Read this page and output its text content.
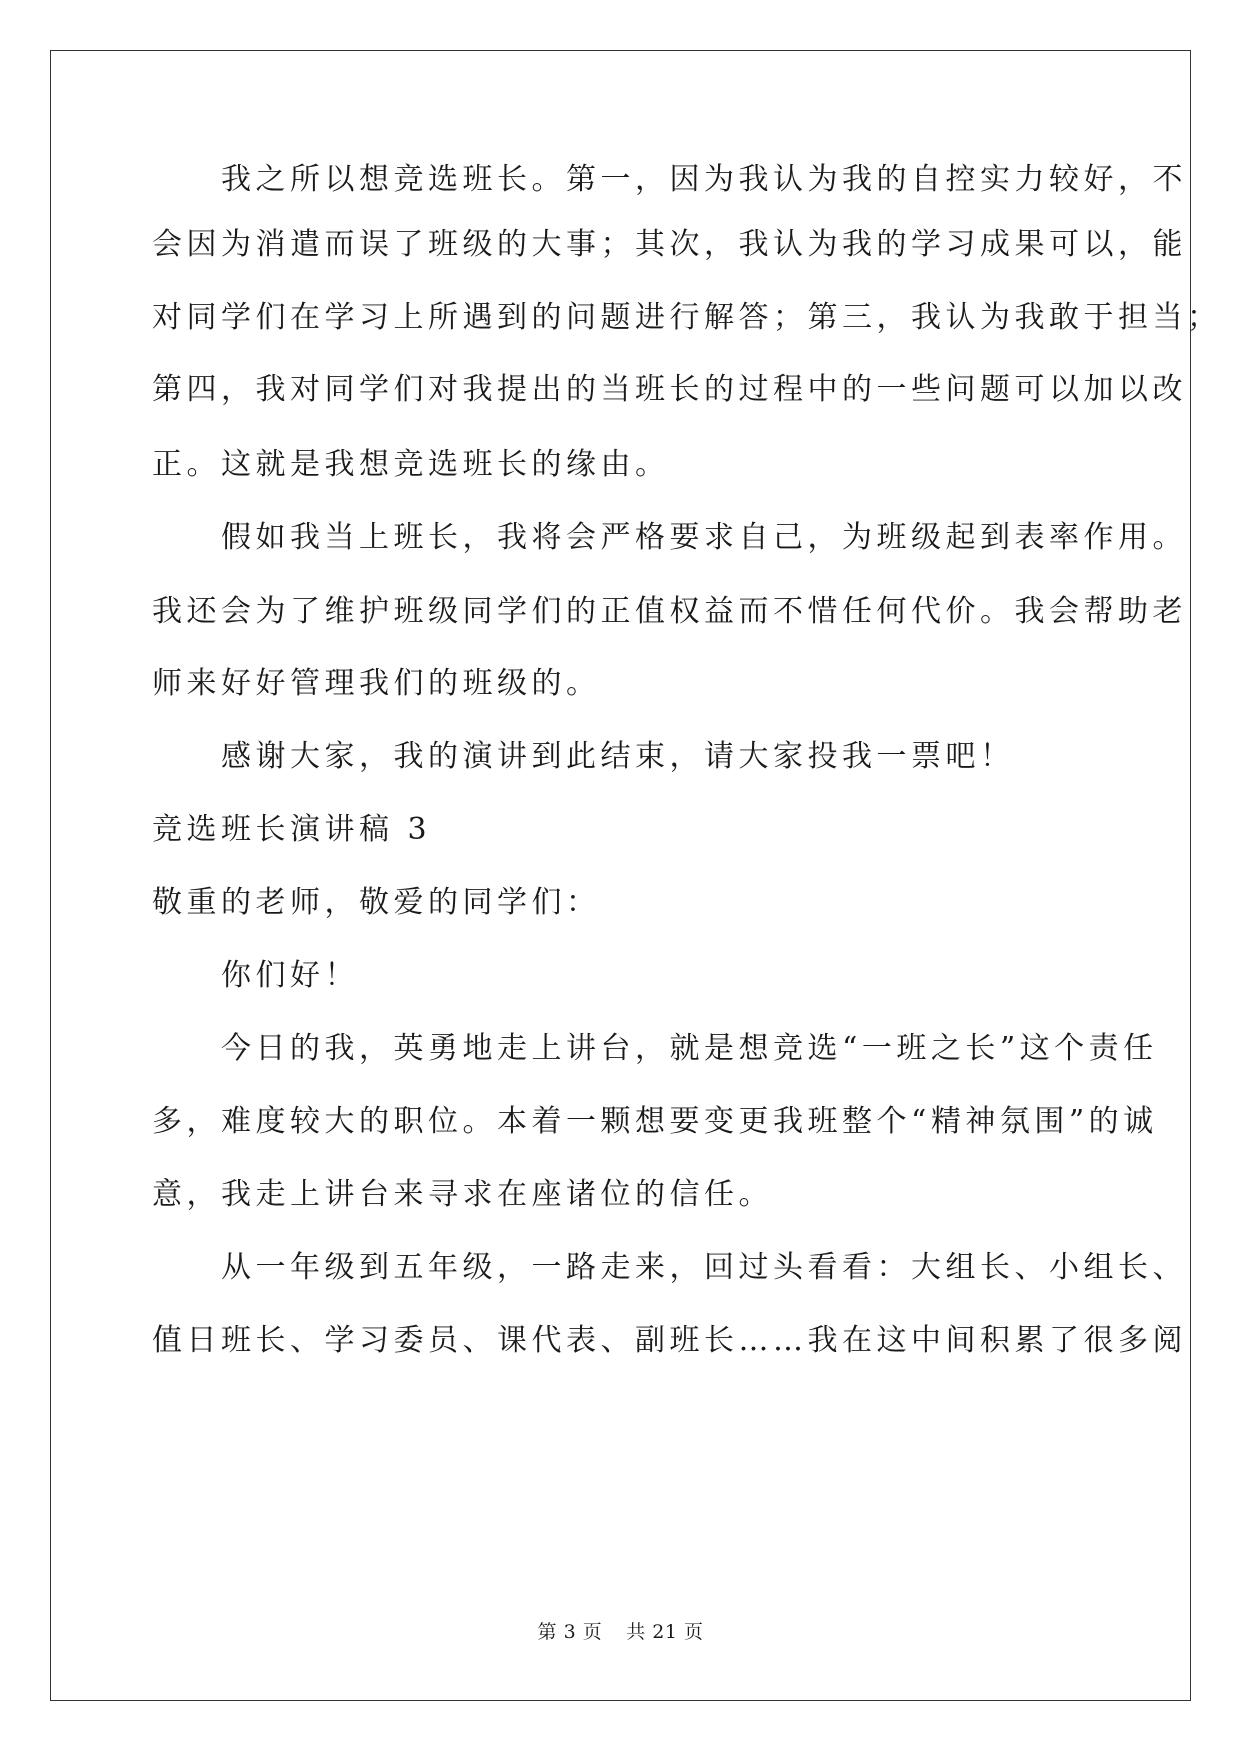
　　我之所以想竞选班长。第一，因为我认为我的自控实力较好，不
会因为消遣而误了班级的大事；其次，我认为我的学习成果可以，能
对同学们在学习上所遇到的问题进行解答；第三，我认为我敢于担当；
第四，我对同学们对我提出的当班长的过程中的一些问题可以加以改
正。这就是我想竞选班长的缘由。
　　假如我当上班长，我将会严格要求自己，为班级起到表率作用。
我还会为了维护班级同学们的正值权益而不惜任何代价。我会帮助老
师来好好管理我们的班级的。
　　感谢大家，我的演讲到此结束，请大家投我一票吧！
竞选班长演讲稿 3
敬重的老师，敬爱的同学们：
　　你们好！
　　今日的我，英勇地走上讲台，就是想竞选“一班之长”这个责任
多，难度较大的职位。本着一颗想要变更我班整个“精神氛围”的诚
意，我走上讲台来寻求在座诸位的信任。
　　从一年级到五年级，一路走来，回过头看看：大组长、小组长、
值日班长、学习委员、课代表、副班长……我在这中间积累了很多阅
第 3 页 共 21 页
